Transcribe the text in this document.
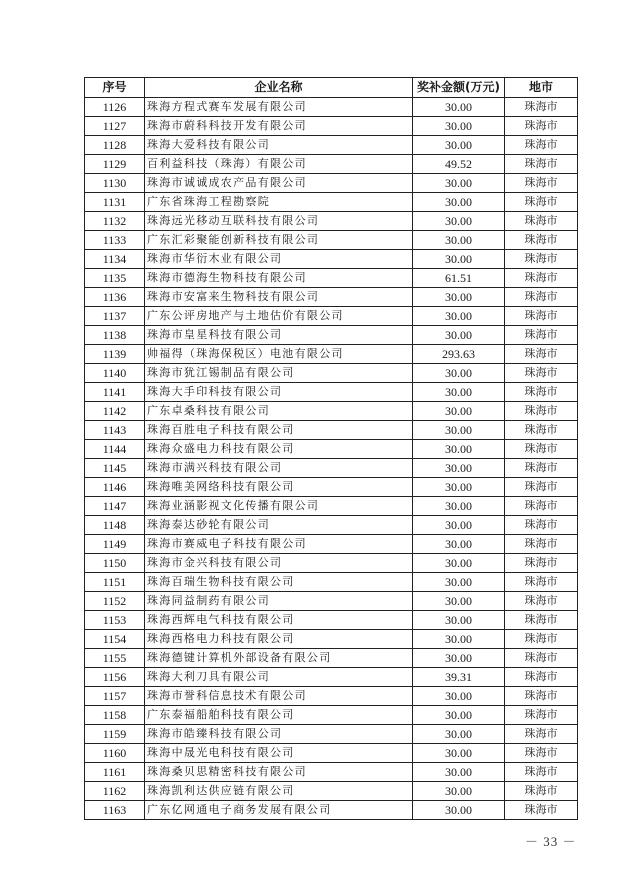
序号	企业名称	奖补金额(万元)	地市
1126	珠海方程式赛车发展有限公司	30.00	珠海市
1127	珠海市蔚科科技开发有限公司	30.00	珠海市
1128	珠海大爱科技有限公司	30.00	珠海市
1129	百利益科技（珠海）有限公司	49.52	珠海市
1130	珠海市诚诚成农产品有限公司	30.00	珠海市
1131	广东省珠海工程勘察院	30.00	珠海市
1132	珠海远光移动互联科技有限公司	30.00	珠海市
1133	广东汇彩聚能创新科技有限公司	30.00	珠海市
1134	珠海市华衍木业有限公司	30.00	珠海市
1135	珠海市德海生物科技有限公司	61.51	珠海市
1136	珠海市安富来生物科技有限公司	30.00	珠海市
1137	广东公评房地产与土地估价有限公司	30.00	珠海市
1138	珠海市皇星科技有限公司	30.00	珠海市
1139	帅福得（珠海保税区）电池有限公司	293.63	珠海市
1140	珠海市犹江锡制品有限公司	30.00	珠海市
1141	珠海大手印科技有限公司	30.00	珠海市
1142	广东卓桑科技有限公司	30.00	珠海市
1143	珠海百胜电子科技有限公司	30.00	珠海市
1144	珠海众盛电力科技有限公司	30.00	珠海市
1145	珠海市满兴科技有限公司	30.00	珠海市
1146	珠海唯美网络科技有限公司	30.00	珠海市
1147	珠海业涵影视文化传播有限公司	30.00	珠海市
1148	珠海泰达砂轮有限公司	30.00	珠海市
1149	珠海市赛威电子科技有限公司	30.00	珠海市
1150	珠海市金兴科技有限公司	30.00	珠海市
1151	珠海百瑞生物科技有限公司	30.00	珠海市
1152	珠海同益制药有限公司	30.00	珠海市
1153	珠海西辉电气科技有限公司	30.00	珠海市
1154	珠海西格电力科技有限公司	30.00	珠海市
1155	珠海德键计算机外部设备有限公司	30.00	珠海市
1156	珠海大利刀具有限公司	39.31	珠海市
1157	珠海市誉科信息技术有限公司	30.00	珠海市
1158	广东泰福船舶科技有限公司	30.00	珠海市
1159	珠海市皓臻科技有限公司	30.00	珠海市
1160	珠海中晟光电科技有限公司	30.00	珠海市
1161	珠海桑贝思精密科技有限公司	30.00	珠海市
1162	珠海凯利达供应链有限公司	30.00	珠海市
1163	广东亿网通电子商务发展有限公司	30.00	珠海市
－ 33 －
